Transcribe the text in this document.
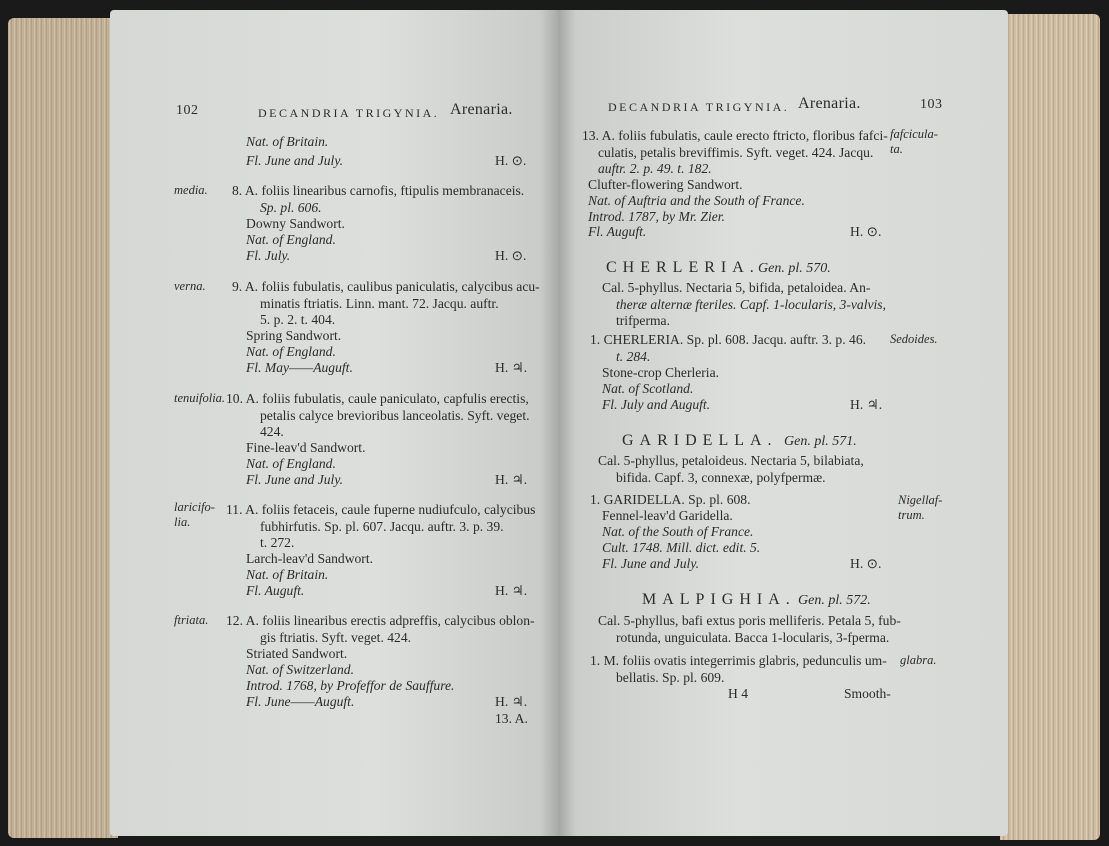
102	DECANDRIA TRIGYNIA. Arenaria.
Nat. of Britain.
Fl. June and July.	H. ⊙.
media. 8. A. foliis linearibus carnofis, ftipulis membranaceis.
Sp. pl. 606.
Downy Sandwort.
Nat. of England.
Fl. July.	H. ⊙.
verna. 9. A. foliis fubulatis, caulibus paniculatis, calycibus acu-
minatis ftriatis. Linn. mant. 72. Jacqu. auftr.
5. p. 2. t. 404.
Spring Sandwort.
Nat. of England.
Fl. May——Auguft.	H. ♃.
tenuifolia. 10. A. foliis fubulatis, caule paniculato, capfulis erectis,
petalis calyce brevioribus lanceolatis. Syft. veget.
424.
Fine-leav'd Sandwort.
Nat. of England.
Fl. June and July.	H. ♃.
laricifo-
lia.
11. A. foliis fetaceis, caule fuperne nudiufculo, calycibus
fubhirfutis. Sp. pl. 607. Jacqu. auftr. 3. p. 39.
t. 272.
Larch-leav'd Sandwort.
Nat. of Britain.
Fl. Auguft.	H. ♃.
ftriata. 12. A. foliis linearibus erectis adpreffis, calycibus oblon-
gis ftriatis. Syft. veget. 424.
Striated Sandwort.
Nat. of Switzerland.
Introd. 1768, by Profeffor de Sauffure.
Fl. June——Auguft.	H. ♃.
13. A.
DECANDRIA TRIGYNIA. Arenaria.	103
fafcicula-
ta.
13. A. foliis fubulatis, caule erecto ftricto, floribus fafci-
culatis, petalis breviffimis. Syft. veget. 424. Jacqu.
auftr. 2. p. 49. t. 182.
Clufter-flowering Sandwort.
Nat. of Auftria and the South of France.
Introd. 1787, by Mr. Zier.
Fl. Auguft.	H. ⊙.
CHERLERIA.
Gen. pl. 570.
Cal. 5-phyllus. Nectaria 5, bifida, petaloidea. An-
theræ alternæ fteriles. Capf. 1-locularis, 3-valvis,
trifperma.
Sedoides.
1. CHERLERIA. Sp. pl. 608. Jacqu. auftr. 3. p. 46.
t. 284.
Stone-crop Cherleria.
Nat. of Scotland.
Fl. July and Auguft.	H. ♃.
GARIDELLA. Gen. pl. 571.
Cal. 5-phyllus, petaloideus. Nectaria 5, bilabiata,
bifida. Capf. 3, connexæ, polyfpermæ.
Nigellaf-
trum.
1. GARIDELLA. Sp. pl. 608.
Fennel-leav'd Garidella.
Nat. of the South of France.
Cult. 1748. Mill. dict. edit. 5.
Fl. June and July.	H. ⊙.
MALPIGHIA. Gen. pl. 572.
Cal. 5-phyllus, bafi extus poris melliferis. Petala 5, fub-
rotunda, unguiculata. Bacca 1-locularis, 3-fperma.
glabra.
1. M. foliis ovatis integerrimis glabris, pedunculis um-
bellatis. Sp. pl. 609.
H 4	Smooth-
